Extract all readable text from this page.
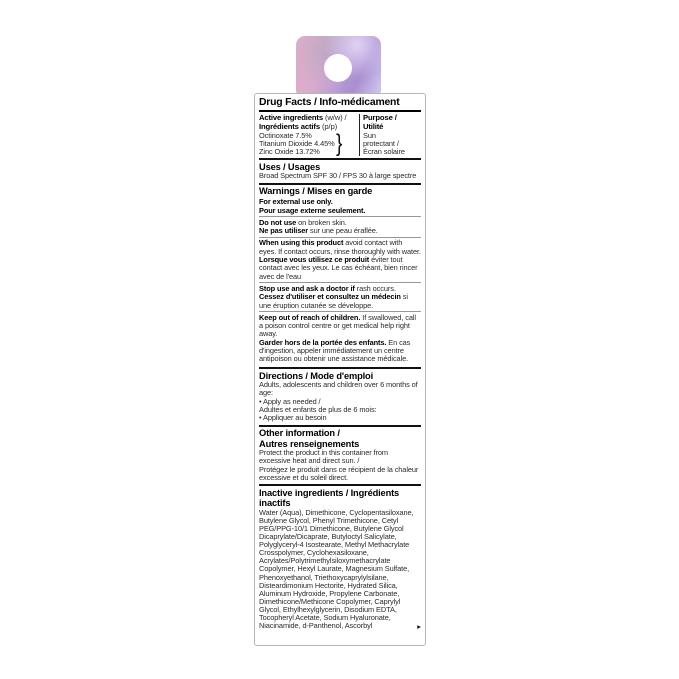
Drug Facts / Info-médicament
Active ingredients (w/w) /
Ingrédients actifs (p/p)
Octinoxate 7.5%
Titanium Dioxide 4.45%
Zinc Oxide 13.72% }
Purpose /
Utilité
Sun
protectant /
Écran solaire
Uses / Usages
Broad Spectrum SPF 30 / FPS 30 à large spectre
Warnings / Mises en garde
For external use only.
Pour usage externe seulement.
Do not use on broken skin.
Ne pas utiliser sur une peau éraflée.
When using this product avoid contact with eyes. If contact occurs, rinse thoroughly with water.
Lorsque vous utilisez ce produit éviter tout contact avec les yeux. Le cas échéant, bien rincer avec de l'eau
Stop use and ask a doctor if rash occurs.
Cessez d'utiliser et consultez un médecin si une éruption cutanée se développe.
Keep out of reach of children. If swallowed, call a poison control centre or get medical help right away.
Garder hors de la portée des enfants. En cas d'ingestion, appeler immédiatement un centre antipoison ou obtenir une assistance médicale.
Directions / Mode d'emploi
Adults, adolescents and children over 6 months of age:
• Apply as needed /
Adultes et enfants de plus de 6 mois:
• Appliquer au besoin
Other information /
Autres renseignements
Protect the product in this container from excessive heat and direct sun. /
Protégez le produit dans ce récipient de la chaleur excessive et du soleil direct.
Inactive ingredients / Ingrédients
inactifs
Water (Aqua), Dimethicone, Cyclopentasiloxane, Butylene Glycol, Phenyl Trimethicone, Cetyl PEG/PPG-10/1 Dimethicone, Butylene Glycol Dicaprylate/Dicaprate, Butyloctyl Salicylate, Polyglyceryl-4 Isostearate, Methyl Methacrylate Crosspolymer, Cyclohexasiloxane, Acrylates/Polytrimethylsiloxymethacrylate Copolymer, Hexyl Laurate, Magnesium Sulfate, Phenoxyethanol, Triethoxycaprylylsilane, Disteardimonium Hectorite, Hydrated Silica, Aluminum Hydroxide, Propylene Carbonate, Dimethicone/Methicone Copolymer, Caprylyl Glycol, Ethylhexylglycerin, Disodium EDTA, Tocopheryl Acetate, Sodium Hyaluronate, Niacinamide, d-Panthenol, Ascorbyl	▸
